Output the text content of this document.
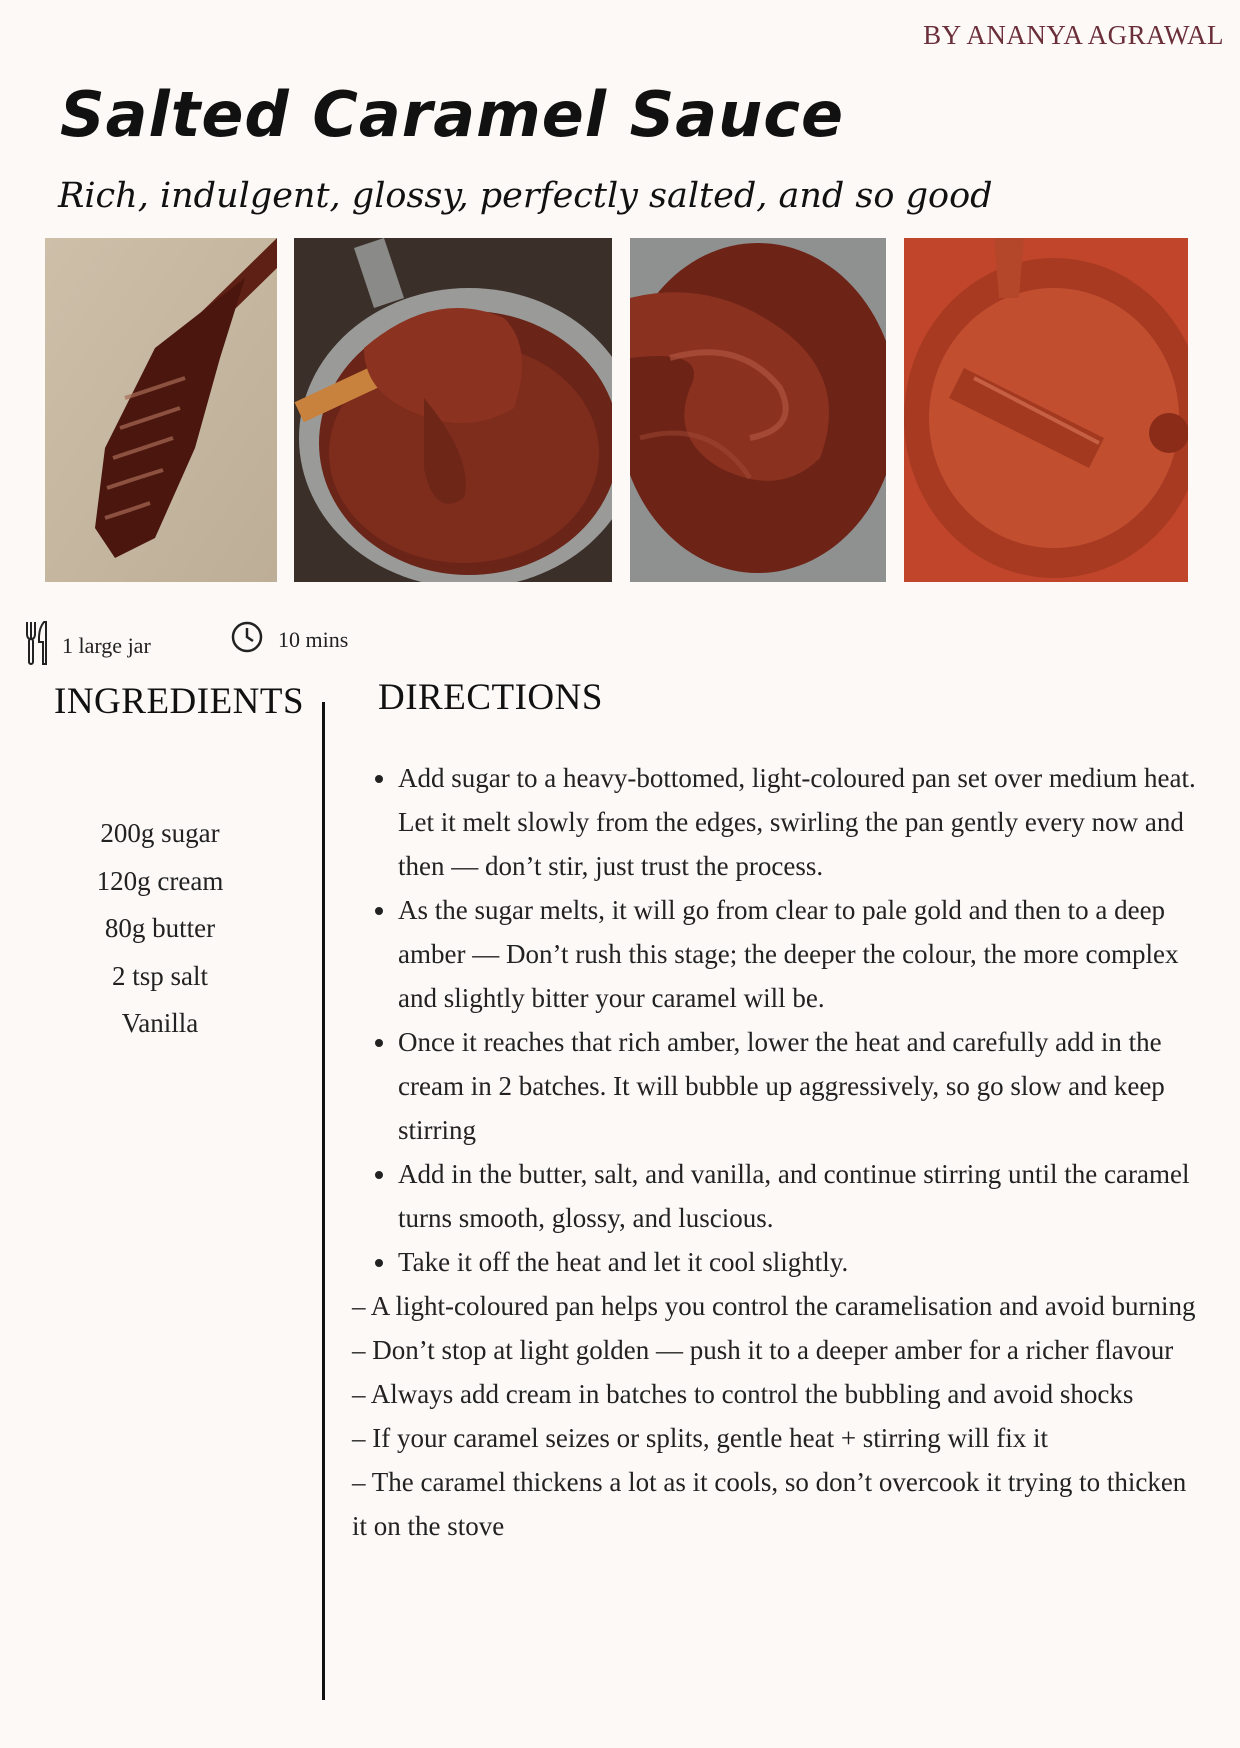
BY ANANYA AGRAWAL
Salted Caramel Sauce
Rich, indulgent, glossy, perfectly salted, and so good
1 large jar	10 mins
INGREDIENTS DIRECTIONS
200g sugar
120g cream
80g butter
2 tsp salt
Vanilla
• Add sugar to a heavy-bottomed, light-coloured pan set over medium heat. Let it melt slowly from the edges, swirling the pan gently every now and then — don’t stir, just trust the process.
• As the sugar melts, it will go from clear to pale gold and then to a deep amber — Don’t rush this stage; the deeper the colour, the more complex and slightly bitter your caramel will be.
• Once it reaches that rich amber, lower the heat and carefully add in the cream in 2 batches. It will bubble up aggressively, so go slow and keep stirring
• Add in the butter, salt, and vanilla, and continue stirring until the caramel turns smooth, glossy, and luscious.
• Take it off the heat and let it cool slightly.

– A light-coloured pan helps you control the caramelisation and avoid burning

– Don’t stop at light golden — push it to a deeper amber for a richer flavour

– Always add cream in batches to control the bubbling and avoid shocks

– If your caramel seizes or splits, gentle heat + stirring will fix it

– The caramel thickens a lot as it cools, so don’t overcook it trying to thicken it on the stove
